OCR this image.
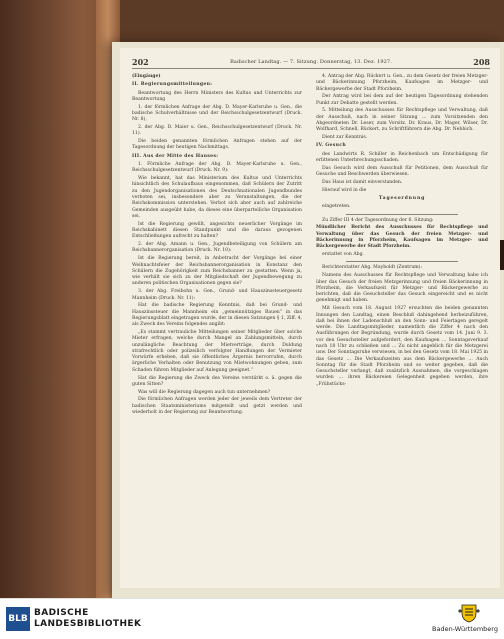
202	Badischer Landtag. — 7. Sitzung. Donnerstag, 13. Dez. 1927.	208

(Eingänge)

II. Regierungsmitteilungen:

Beantwortung des Herrn Ministers des Kultus und Unterrichts zur Beantwortung

1. der förmlichen Anfrage der Abg. D. Mayer-Karlsruhe u. Gen., die badische Schulverhältnisse und der Reichsschulgesetzentwurf (Druck. Nr. 8),

2. der Abg. D. Maier u. Gen., Reichsschulgesetzentwurf (Druck. Nr. 11).

Die beiden genannten förmlichen Anfragen stehen auf der Tagesordnung der heutigen Nachmittags.

III. Aus der Mitte des Hauses:

1. Förmliche Anfrage der Abg. D. Mayer-Karlsruhe u. Gen., Reichsschulgesetzentwurf (Druck. Nr. 9):

Wie bekannt, hat das Ministerium des Kultus und Unterrichts hinsichtlich des Schulaufbaus eingenommen, daß Schülern der Zutritt zu den Jugendorganisationen des Deutschnationalen Jugendbundes verboten sei, insbesondere aber zu Veranstaltungen, die der Reichskommission unterstehen. Verbot sich aber auch auf zahlreiche Gemeinden ausgeübt habe, da dieses eine überparteiliche Organisation sei.

Ist die Regierung gewillt, angesichts neuerlicher Vorgänge im Reichskabinett diesen Standpunkt und die daraus gezogenen Entschließungen aufrecht zu halten?

2. der Abg. Amann u. Gen., Jugendbeteiligung von Schülern am Reichsbannerorganisation (Druck. Nr. 10):

Ist die Regierung bereit, in Anbetracht der Vorgänge bei einer Weihnachtsfeier der Reichsbannerorganisation in Konstanz den Schülern die Zugehörigkeit zum Reichsbanner zu gestatten. Wenn ja, wie verhält sie sich zu der Mitgliedschaft der Jugendbewegung zu anderen politischen Organisationen gegen sie?

3. der Abg. Freibohn u. Gen., Grund- und Hauszinssteuergesetz Mannheim (Druck. Nr. 11):

Hat die badische Regierung Kenntnis, daß bei Grund- und Hauszinssteuer die Mannheim ein „gemeinnütziges Bauen“ in das Regierungsblatt eingetragen wurde, der in diesen Satzungen § 1, Ziff. 4, als Zweck des Vereins folgendes angibt:

„Es stammt vertrauliche Mitteilungen seiner Mitglieder über solche Mieter erfragen, welche durch Mangel an Zahlungsmitteln, durch unzulängliche Beachtung der Mietverträge, durch Duldung strafrechtlich oder polizeilich verfolgter Handlungen der Vermieter Vorwürfe erheben, daß sie öffentliches Ärgernis hervorrufen, durch ärgerliche Verhalten oder Benutzung von Mietwohnungen geben, zum Schaden führen Mitglieder auf Anlegung geeignet.“

Hat die Regierung die Zweck des Vereins verstärkt o. ä. gegen die guten Sitten?

Was will die Regierung dagegen auch tun unternehmen?

Die förmlichen Anfragen werden jeder der jeweils dem Vertreter der badischen Staatsministeriums mitgeteilt und getzt werden und wiederholt in der Regierung zur Beantwortung.

4. Antrag der Abg. Rückert u. Gen., zu dem Gesetz der freien Metzger- und Bäckerinnung Pforzheim, Kaufsagen im Metzger- und Bäckergewerbe der Stadt Pforzheim.

Der Antrag wird bei dem auf der heutigen Tagesordnung stehenden Punkt zur Debatte gestellt werden.

5. Mitteilung des Ausschusses für Rechtspflege und Verwaltung, daß der Ausschuß, nach in seiner Sitzung ... zum Vorsitzenden den Abgeordneten Dr. Leser, zum Vorsitz, Dr. Kraus, Dr. Mager, Wilser, Dr. Wolfhard, Schnell, Rückert, zu Schriftführern die Abg. Dr. Nebbich.

Dient zur Kenntnis.

IV. Gesuch

des Landwirts R. Schiller in Reichenbach um Entschädigung für erlittenen Unterbrechungsschaden.

Das Gesuch wird dem Ausschuß für Petitionen, dem Ausschuß für Gesuche und Beschwerden überwiesen.

Das Haus ist damit einverstanden.

Hierauf wird in die

Tagesordnung

eingetreten.

Zu Ziffer III 4 der Tagesordnung der 6. Sitzung:

Mündlicher Bericht des Ausschusses für Rechtspflege und Verwaltung über das Gesuch der freien Metzger- und Bäckerinnung in Pforzheim, Kaufsagen im Metzger- und Bäckergewerbe der Stadt Pforzheim.

erstattet von Abg.

Berichterstatter Abg. Mayboldt (Zentrum):

Namens des Ausschusses für Rechtspflege und Verwaltung habe ich über das Gesuch der freien Metzgerinnung und freien Bäckerinnung in Pforzheim, die Verkaufszeit für Metzger- und Bäckergewerbe zu berichten, daß die Gesuchsteller das Gesuch eingereicht und es nicht genehmigt und haben.

Mit Gesuch vom 18. August 1927 ersuchten die beiden genannten Innungen den Landtag, einen Beschluß dahingehend herbeizuführen, daß bei ihnen der Ladenschluß an den Sonn- und Feiertagen geregelt werde. Die Landtagsmitglieder, namentlich die Ziffer 4 nach den Ausführungen der Begründung, wurde durch Gesetz vom 14. Juni 9. 3. vor den Gesuchsteller aufgefordert, den Kaufsagen ... Sonntagsverkauf nach 18 Uhr zu schließen und ... Zu nicht angeblich für die Metzgerei usw. Der Sonntagsruhe verwiesen, in bei den Gesetz vom 18. Mai 1925 in das Gesetz ... Die Verkaufszeiten aus dem Bäckergewerbe ... Auch Sonntag für die Stadt Pforzheim und so weiter gegeben, daß die Gesuchsteller verlangt, daß zusätzlich Ausnahmen, die vorgeschlagen wurden ... ihren Bäckereien Gelegenheit gegeben werden, ihre „Frühstücks-

BLB
BADISCHE
LANDESBIBLIOTHEK	Baden-Württemberg
